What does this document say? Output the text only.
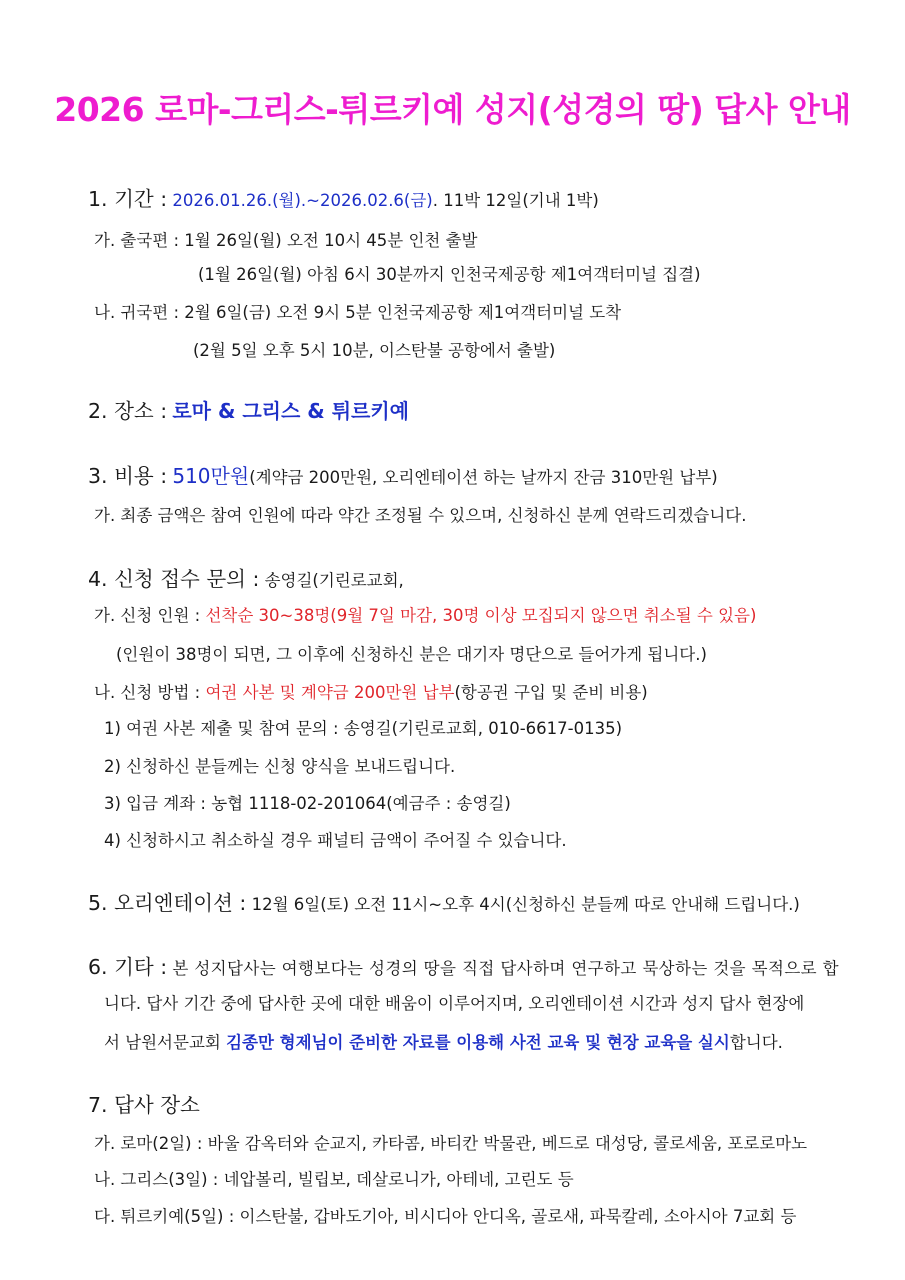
2026 로마-그리스-튀르키예 성지(성경의 땅) 답사 안내
1. 기간 : 2026.01.26.(월).~2026.02.6(금). 11박 12일(기내 1박)
가. 출국편 : 1월 26일(월) 오전 10시 45분 인천 출발
(1월 26일(월) 아침 6시 30분까지 인천국제공항 제1여객터미널 집결)
나. 귀국편 : 2월 6일(금) 오전 9시 5분 인천국제공항 제1여객터미널 도착
(2월 5일 오후 5시 10분, 이스탄불 공항에서 출발)
2. 장소 : 로마 & 그리스 & 튀르키예
3. 비용 : 510만원(계약금 200만원, 오리엔테이션 하는 날까지 잔금 310만원 납부)
가. 최종 금액은 참여 인원에 따라 약간 조정될 수 있으며, 신청하신 분께 연락드리겠습니다.
4. 신청 접수 문의 : 송영길(기린로교회,
가. 신청 인원 : 선착순 30~38명(9월 7일 마감, 30명 이상 모집되지 않으면 취소될 수 있음)
(인원이 38명이 되면, 그 이후에 신청하신 분은 대기자 명단으로 들어가게 됩니다.)
나. 신청 방법 : 여권 사본 및 계약금 200만원 납부(항공권 구입 및 준비 비용)
1) 여권 사본 제출 및 참여 문의 : 송영길(기린로교회, 010-6617-0135)
2) 신청하신 분들께는 신청 양식을 보내드립니다.
3) 입금 계좌 : 농협 1118-02-201064(예금주 : 송영길)
4) 신청하시고 취소하실 경우 패널티 금액이 주어질 수 있습니다.
5. 오리엔테이션 : 12월 6일(토) 오전 11시~오후 4시(신청하신 분들께 따로 안내해 드립니다.)
6. 기타 : 본 성지답사는 여행보다는 성경의 땅을 직접 답사하며 연구하고 묵상하는 것을 목적으로 합
니다. 답사 기간 중에 답사한 곳에 대한 배움이 이루어지며, 오리엔테이션 시간과 성지 답사 현장에
서 남원서문교회 김종만 형제님이 준비한 자료를 이용해 사전 교육 및 현장 교육을 실시합니다.
7. 답사 장소
가. 로마(2일) : 바울 감옥터와 순교지, 카타콤, 바티칸 박물관, 베드로 대성당, 콜로세움, 포로로마노
나. 그리스(3일) : 네압볼리, 빌립보, 데살로니가, 아테네, 고린도 등
다. 튀르키예(5일) : 이스탄불, 갑바도기아, 비시디아 안디옥, 골로새, 파묵칼레, 소아시아 7교회 등
